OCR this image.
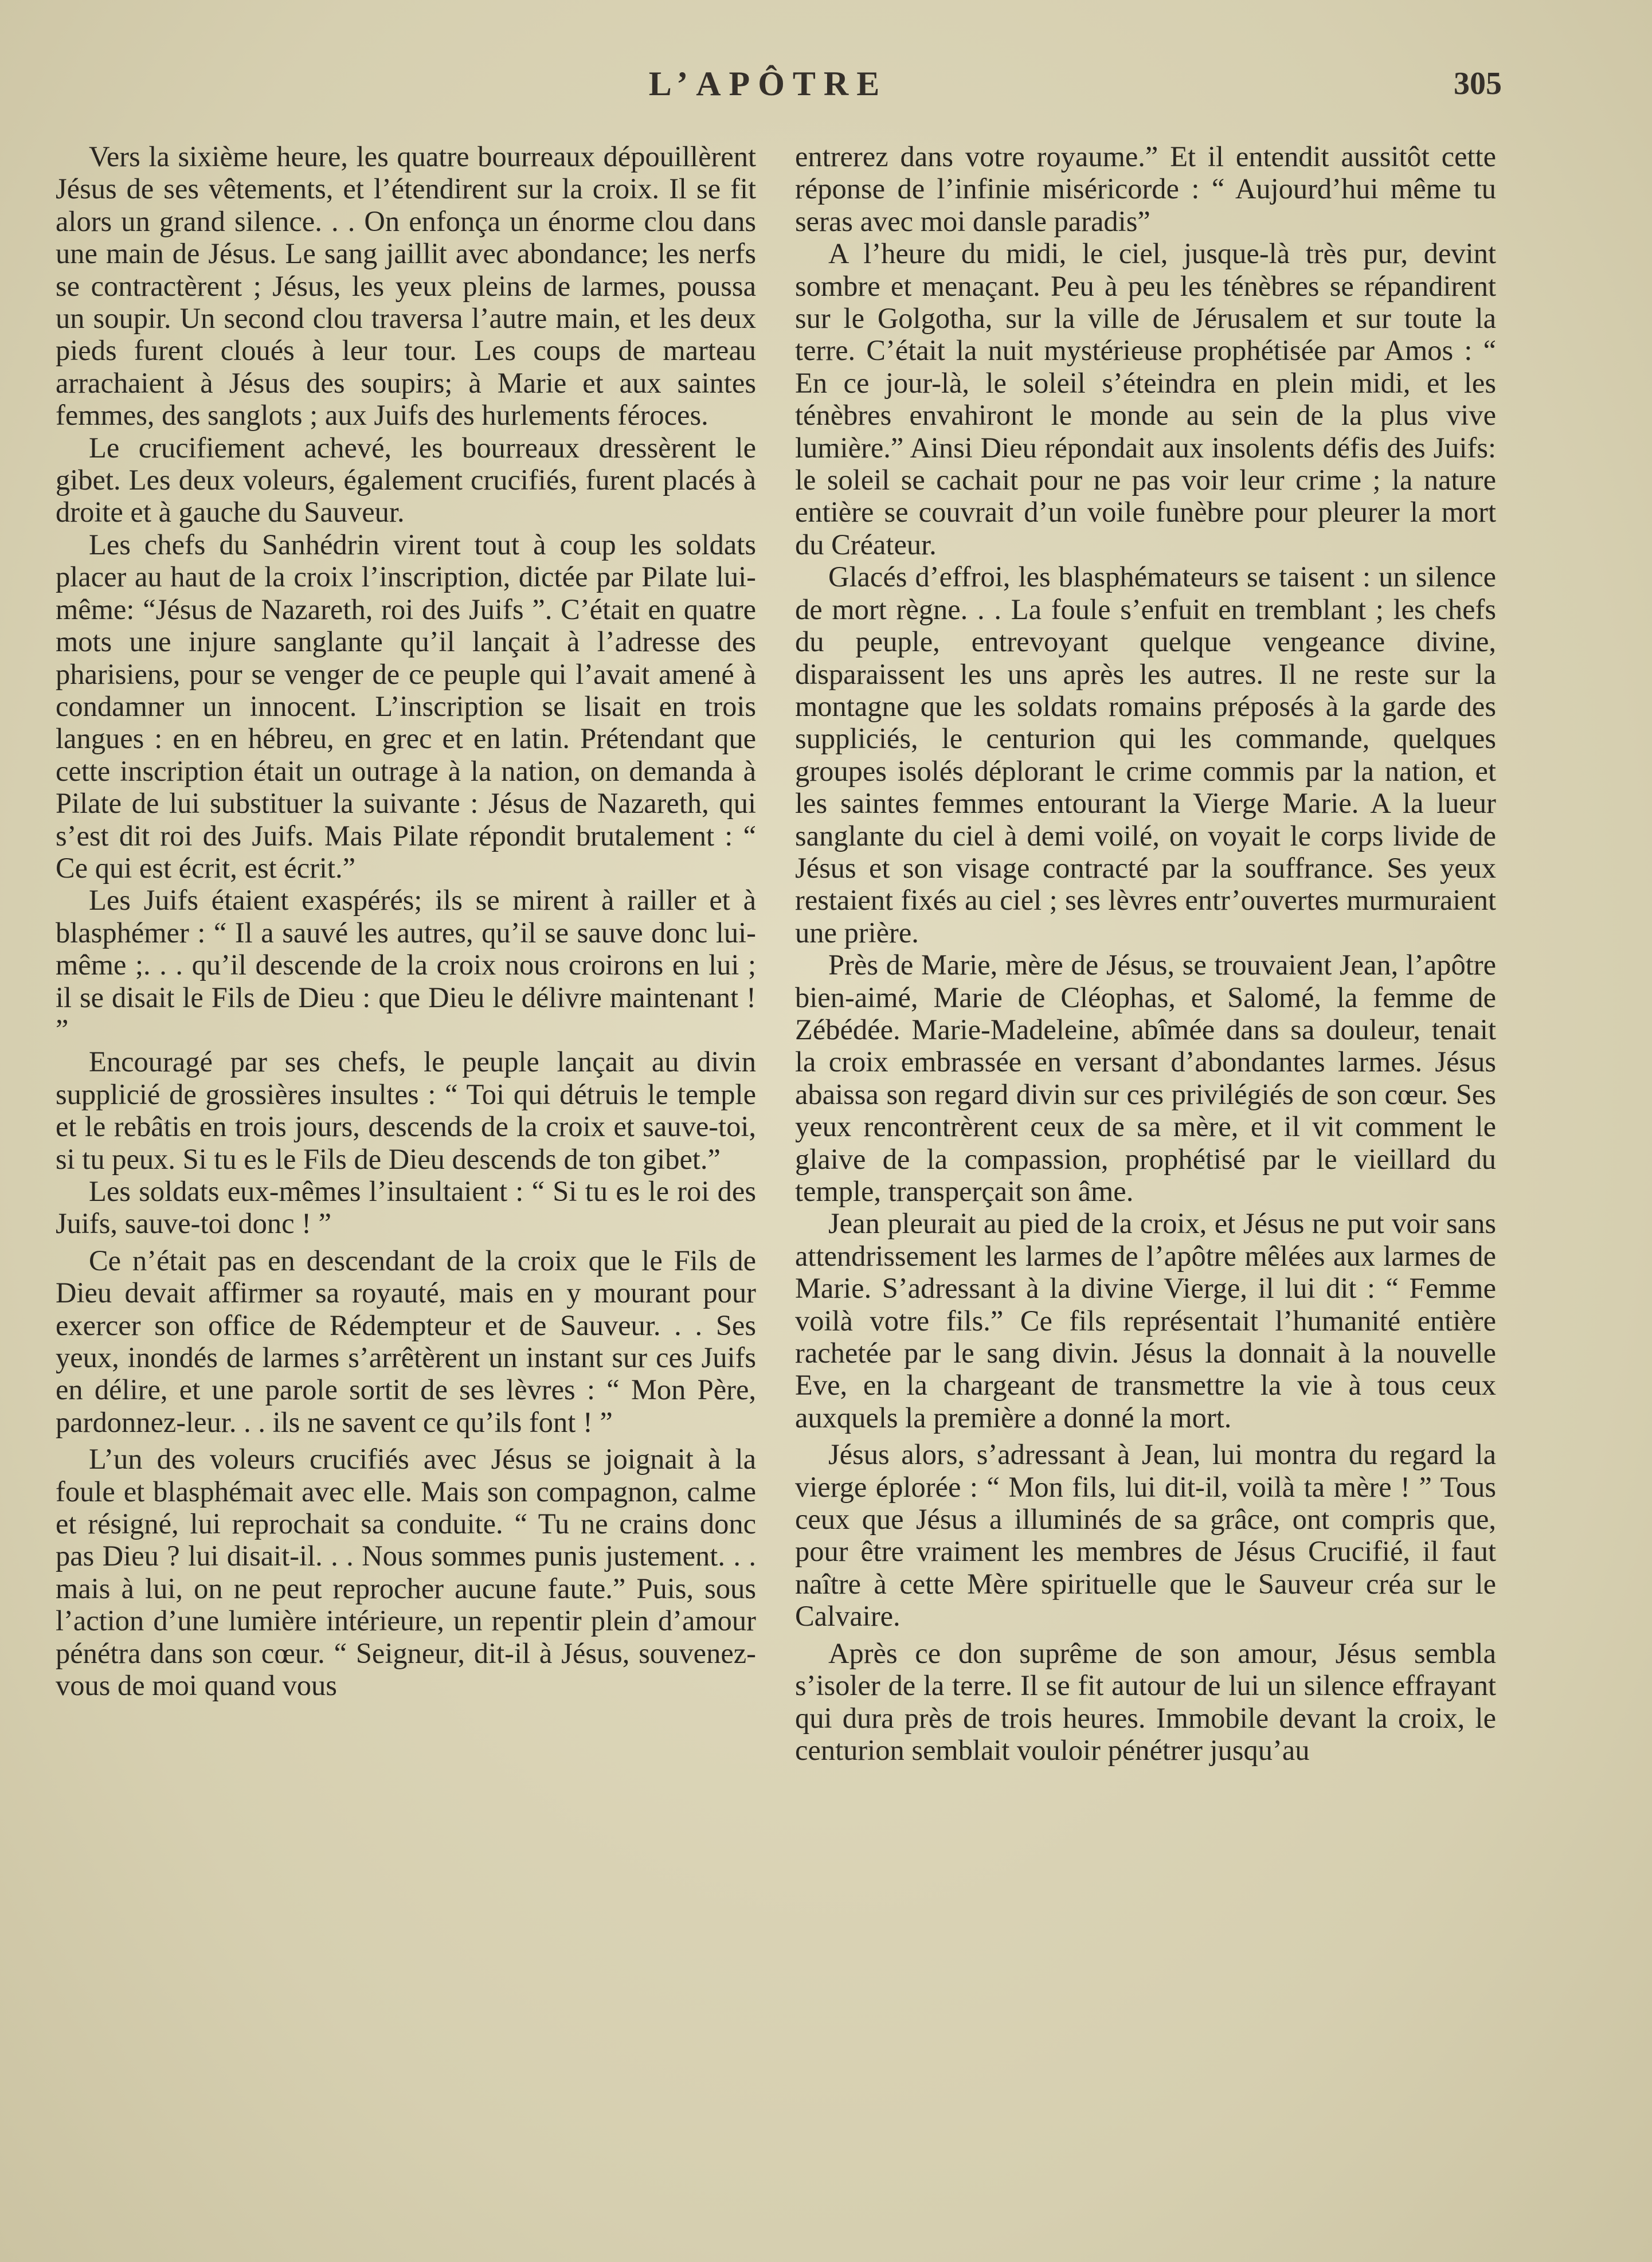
L’APÔTRE	305

Vers la sixième heure, les quatre bourreaux dépouillèrent Jésus de ses vêtements, et l’étendirent sur la croix. Il se fit alors un grand silence. . . On enfonça un énorme clou dans une main de Jésus. Le sang jaillit avec abondance; les nerfs se contractèrent ; Jésus, les yeux pleins de larmes, poussa un soupir. Un second clou traversa l’autre main, et les deux pieds furent cloués à leur tour. Les coups de marteau arrachaient à Jésus des soupirs; à Marie et aux saintes femmes, des sanglots ; aux Juifs des hurlements féroces.

Le crucifiement achevé, les bourreaux dressèrent le gibet. Les deux voleurs, également crucifiés, furent placés à droite et à gauche du Sauveur.

Les chefs du Sanhédrin virent tout à coup les soldats placer au haut de la croix l’inscription, dictée par Pilate lui-même: “Jésus de Nazareth, roi des Juifs ”. C’était en quatre mots une injure sanglante qu’il lançait à l’adresse des pharisiens, pour se venger de ce peuple qui l’avait amené à condamner un innocent. L’inscription se lisait en trois langues : en en hébreu, en grec et en latin. Prétendant que cette inscription était un outrage à la nation, on demanda à Pilate de lui substituer la suivante : Jésus de Nazareth, qui s’est dit roi des Juifs. Mais Pilate répondit brutalement : “ Ce qui est écrit, est écrit.”

Les Juifs étaient exaspérés; ils se mirent à railler et à blasphémer : “ Il a sauvé les autres, qu’il se sauve donc lui-même ;. . . qu’il descende de la croix nous croirons en lui ; il se disait le Fils de Dieu : que Dieu le délivre maintenant ! ”

Encouragé par ses chefs, le peuple lançait au divin supplicié de grossières insultes : “ Toi qui détruis le temple et le rebâtis en trois jours, descends de la croix et sauve-toi, si tu peux. Si tu es le Fils de Dieu descends de ton gibet.”

Les soldats eux-mêmes l’insultaient : “ Si tu es le roi des Juifs, sauve-toi donc ! ”

Ce n’était pas en descendant de la croix que le Fils de Dieu devait affirmer sa royauté, mais en y mourant pour exercer son office de Rédempteur et de Sauveur. . . Ses yeux, inondés de larmes s’arrêtèrent un instant sur ces Juifs en délire, et une parole sortit de ses lèvres : “ Mon Père, pardonnez-leur. . . ils ne savent ce qu’ils font ! ”

L’un des voleurs crucifiés avec Jésus se joignait à la foule et blasphémait avec elle. Mais son compagnon, calme et résigné, lui reprochait sa conduite. “ Tu ne crains donc pas Dieu ? lui disait-il. . . Nous sommes punis justement. . . mais à lui, on ne peut reprocher aucune faute.” Puis, sous l’action d’une lumière intérieure, un repentir plein d’amour pénétra dans son cœur. “ Seigneur, dit-il à Jésus, souvenez-vous de moi quand vous

entrerez dans votre royaume.” Et il entendit aussitôt cette réponse de l’infinie miséricorde : “ Aujourd’hui même tu seras avec moi dansle paradis”

A l’heure du midi, le ciel, jusque-là très pur, devint sombre et menaçant. Peu à peu les ténèbres se répandirent sur le Golgotha, sur la ville de Jérusalem et sur toute la terre. C’était la nuit mystérieuse prophétisée par Amos : “ En ce jour-là, le soleil s’éteindra en plein midi, et les ténèbres envahiront le monde au sein de la plus vive lumière.” Ainsi Dieu répondait aux insolents défis des Juifs: le soleil se cachait pour ne pas voir leur crime ; la nature entière se couvrait d’un voile funèbre pour pleurer la mort du Créateur.

Glacés d’effroi, les blasphémateurs se taisent : un silence de mort règne. . . La foule s’enfuit en tremblant ; les chefs du peuple, entrevoyant quelque vengeance divine, disparaissent les uns après les autres. Il ne reste sur la montagne que les soldats romains préposés à la garde des suppliciés, le centurion qui les commande, quelques groupes isolés déplorant le crime commis par la nation, et les saintes femmes entourant la Vierge Marie. A la lueur sanglante du ciel à demi voilé, on voyait le corps livide de Jésus et son visage contracté par la souffrance. Ses yeux restaient fixés au ciel ; ses lèvres entr’ouvertes murmuraient une prière.

Près de Marie, mère de Jésus, se trouvaient Jean, l’apôtre bien-aimé, Marie de Cléophas, et Salomé, la femme de Zébédée. Marie-Madeleine, abîmée dans sa douleur, tenait la croix embrassée en versant d’abondantes larmes. Jésus abaissa son regard divin sur ces privilégiés de son cœur. Ses yeux rencontrèrent ceux de sa mère, et il vit comment le glaive de la compassion, prophétisé par le vieillard du temple, transperçait son âme.

Jean pleurait au pied de la croix, et Jésus ne put voir sans attendrissement les larmes de l’apôtre mêlées aux larmes de Marie. S’adressant à la divine Vierge, il lui dit : “ Femme voilà votre fils.” Ce fils représentait l’humanité entière rachetée par le sang divin. Jésus la donnait à la nouvelle Eve, en la chargeant de transmettre la vie à tous ceux auxquels la première a donné la mort.

Jésus alors, s’adressant à Jean, lui montra du regard la vierge éplorée : “ Mon fils, lui dit-il, voilà ta mère ! ” Tous ceux que Jésus a illuminés de sa grâce, ont compris que, pour être vraiment les membres de Jésus Crucifié, il faut naître à cette Mère spirituelle que le Sauveur créa sur le Calvaire.

Après ce don suprême de son amour, Jésus sembla s’isoler de la terre. Il se fit autour de lui un silence effrayant qui dura près de trois heures. Immobile devant la croix, le centurion semblait vouloir pénétrer jusqu’au
